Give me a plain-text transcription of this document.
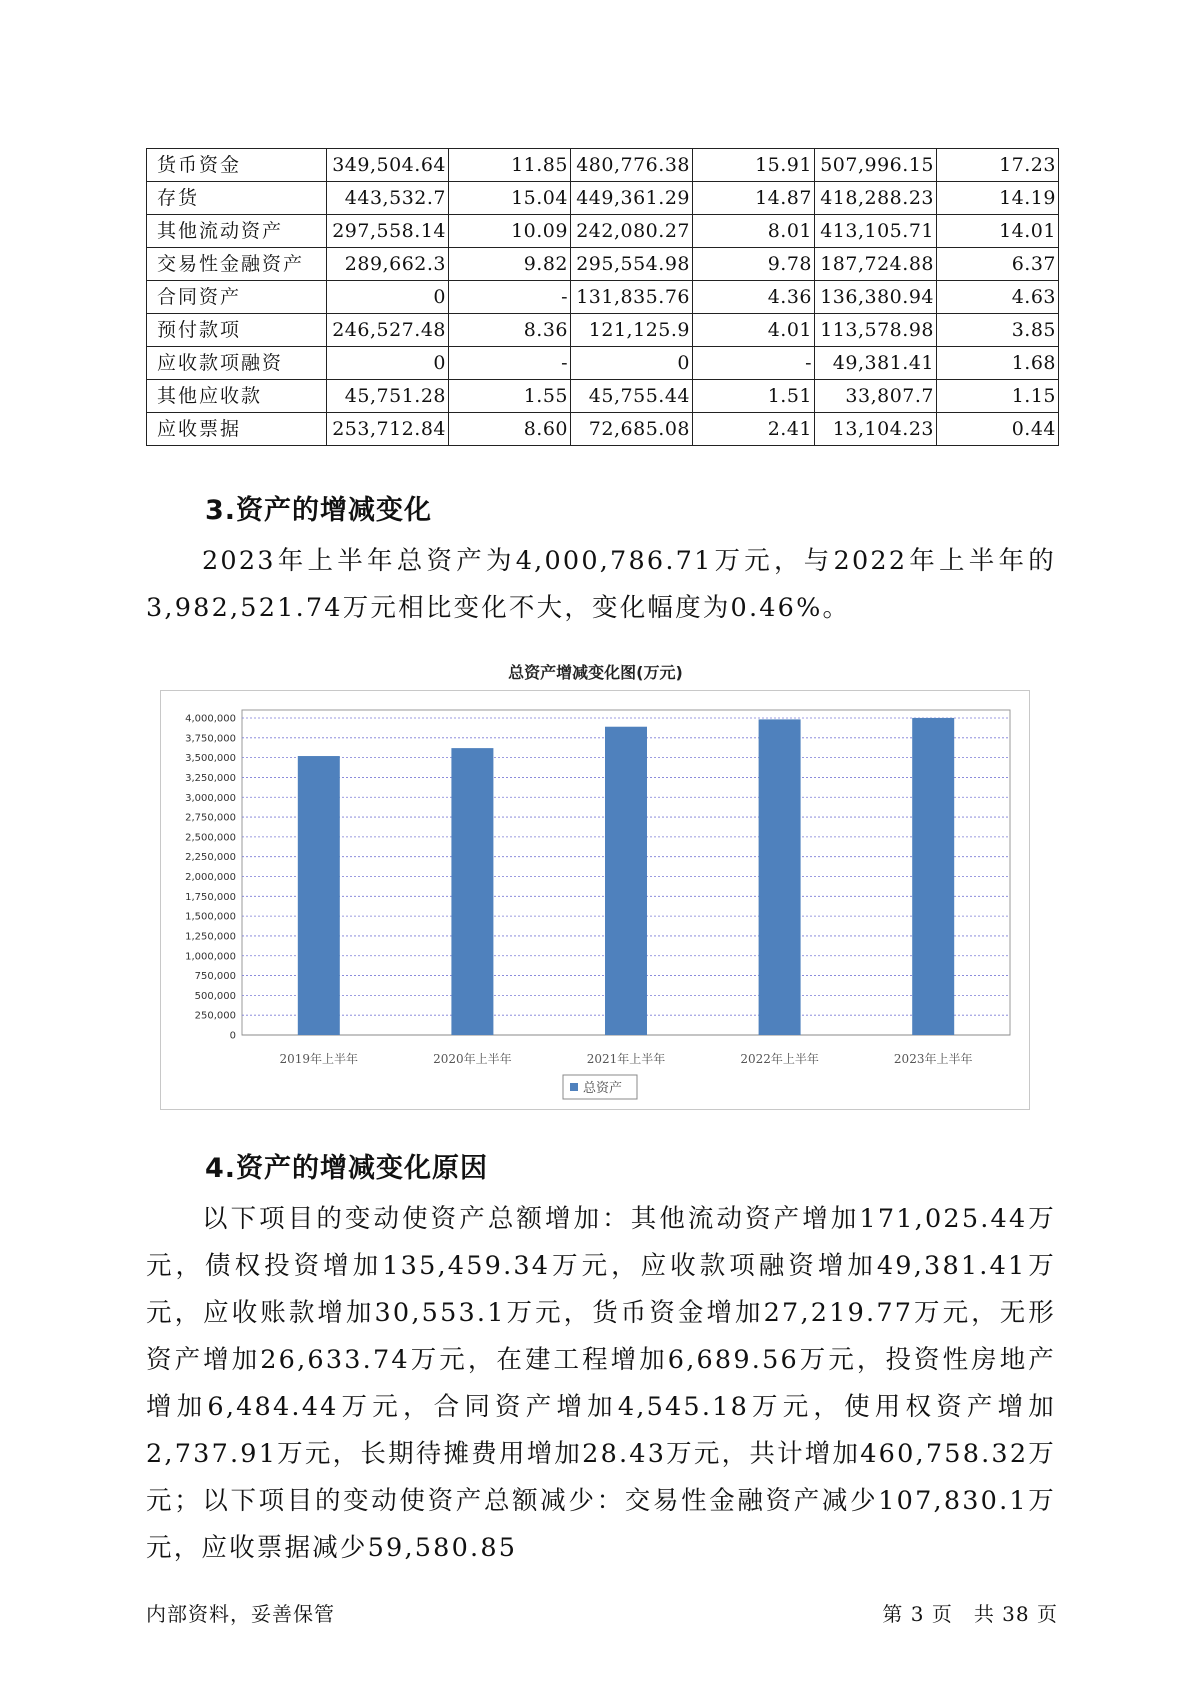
货币资金	349,504.64	11.85	480,776.38	15.91	507,996.15	17.23
存货	443,532.7	15.04	449,361.29	14.87	418,288.23	14.19
其他流动资产	297,558.14	10.09	242,080.27	8.01	413,105.71	14.01
交易性金融资产	289,662.3	9.82	295,554.98	9.78	187,724.88	6.37
合同资产	0	-	131,835.76	4.36	136,380.94	4.63
预付款项	246,527.48	8.36	121,125.9	4.01	113,578.98	3.85
应收款项融资	0	-	0	-	49,381.41	1.68
其他应收款	45,751.28	1.55	45,755.44	1.51	33,807.7	1.15
应收票据	253,712.84	8.60	72,685.08	2.41	13,104.23	0.44
3.资产的增减变化

2023年上半年总资产为4,000,786.71万元，与2022年上半年的3,982,521.74万元相比变化不大，变化幅度为0.46%。

总资产增减变化图(万元)
0
250,000
500,000
750,000
1,000,000
1,250,000
1,500,000
1,750,000
2,000,000
2,250,000
2,500,000
2,750,000
3,000,000
3,250,000
3,500,000
3,750,000
4,000,000
2019年上半年	2020年上半年	2021年上半年	2022年上半年	2023年上半年
总资产
4.资产的增减变化原因

以下项目的变动使资产总额增加：其他流动资产增加171,025.44万元，债权投资增加135,459.34万元，应收款项融资增加49,381.41万元，应收账款增加30,553.1万元，货币资金增加27,219.77万元，无形资产增加26,633.74万元，在建工程增加6,689.56万元，投资性房地产增加6,484.44万元，合同资产增加4,545.18万元，使用权资产增加2,737.91万元，长期待摊费用增加28.43万元，共计增加460,758.32万元；以下项目的变动使资产总额减少：交易性金融资产减少107,830.1万元，应收票据减少59,580.85

内部资料，妥善保管	第 3 页　共 38 页
